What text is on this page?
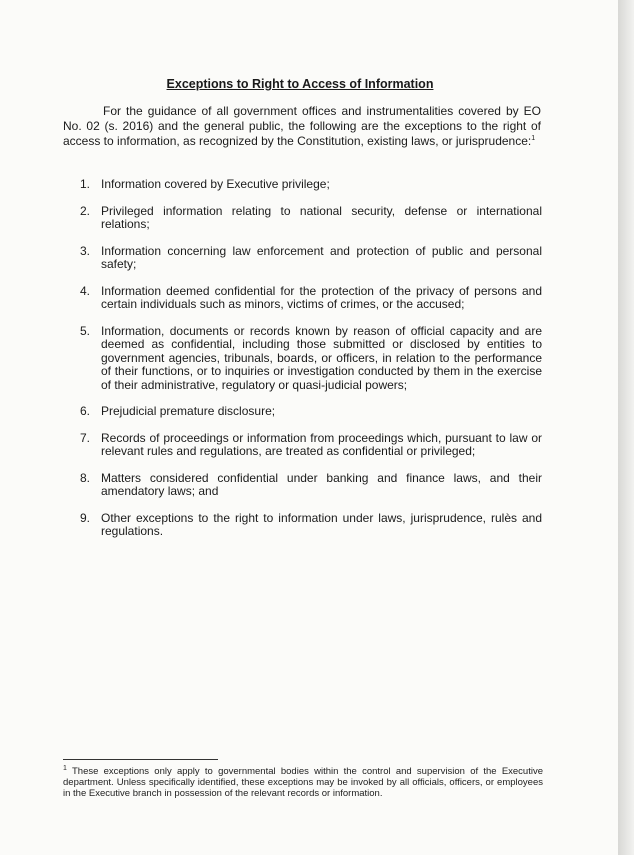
Exceptions to Right to Access of Information
For the guidance of all government offices and instrumentalities covered by EO No. 02 (s. 2016) and the general public, the following are the exceptions to the right of access to information, as recognized by the Constitution, existing laws, or jurisprudence:$^1$
1. Information covered by Executive privilege;
2. Privileged information relating to national security, defense or international relations;
3. Information concerning law enforcement and protection of public and personal safety;
4. Information deemed confidential for the protection of the privacy of persons and certain individuals such as minors, victims of crimes, or the accused;
5. Information, documents or records known by reason of official capacity and are deemed as confidential, including those submitted or disclosed by entities to government agencies, tribunals, boards, or officers, in relation to the performance of their functions, or to inquiries or investigation conducted by them in the exercise of their administrative, regulatory or quasi-judicial powers;
6. Prejudicial premature disclosure;
7. Records of proceedings or information from proceedings which, pursuant to law or relevant rules and regulations, are treated as confidential or privileged;
8. Matters considered confidential under banking and finance laws, and their amendatory laws; and
9. Other exceptions to the right to information under laws, jurisprudence, rulès and regulations.
$^1$ These exceptions only apply to governmental bodies within the control and supervision of the Executive department. Unless specifically identified, these exceptions may be invoked by all officials, officers, or employees in the Executive branch in possession of the relevant records or information.
